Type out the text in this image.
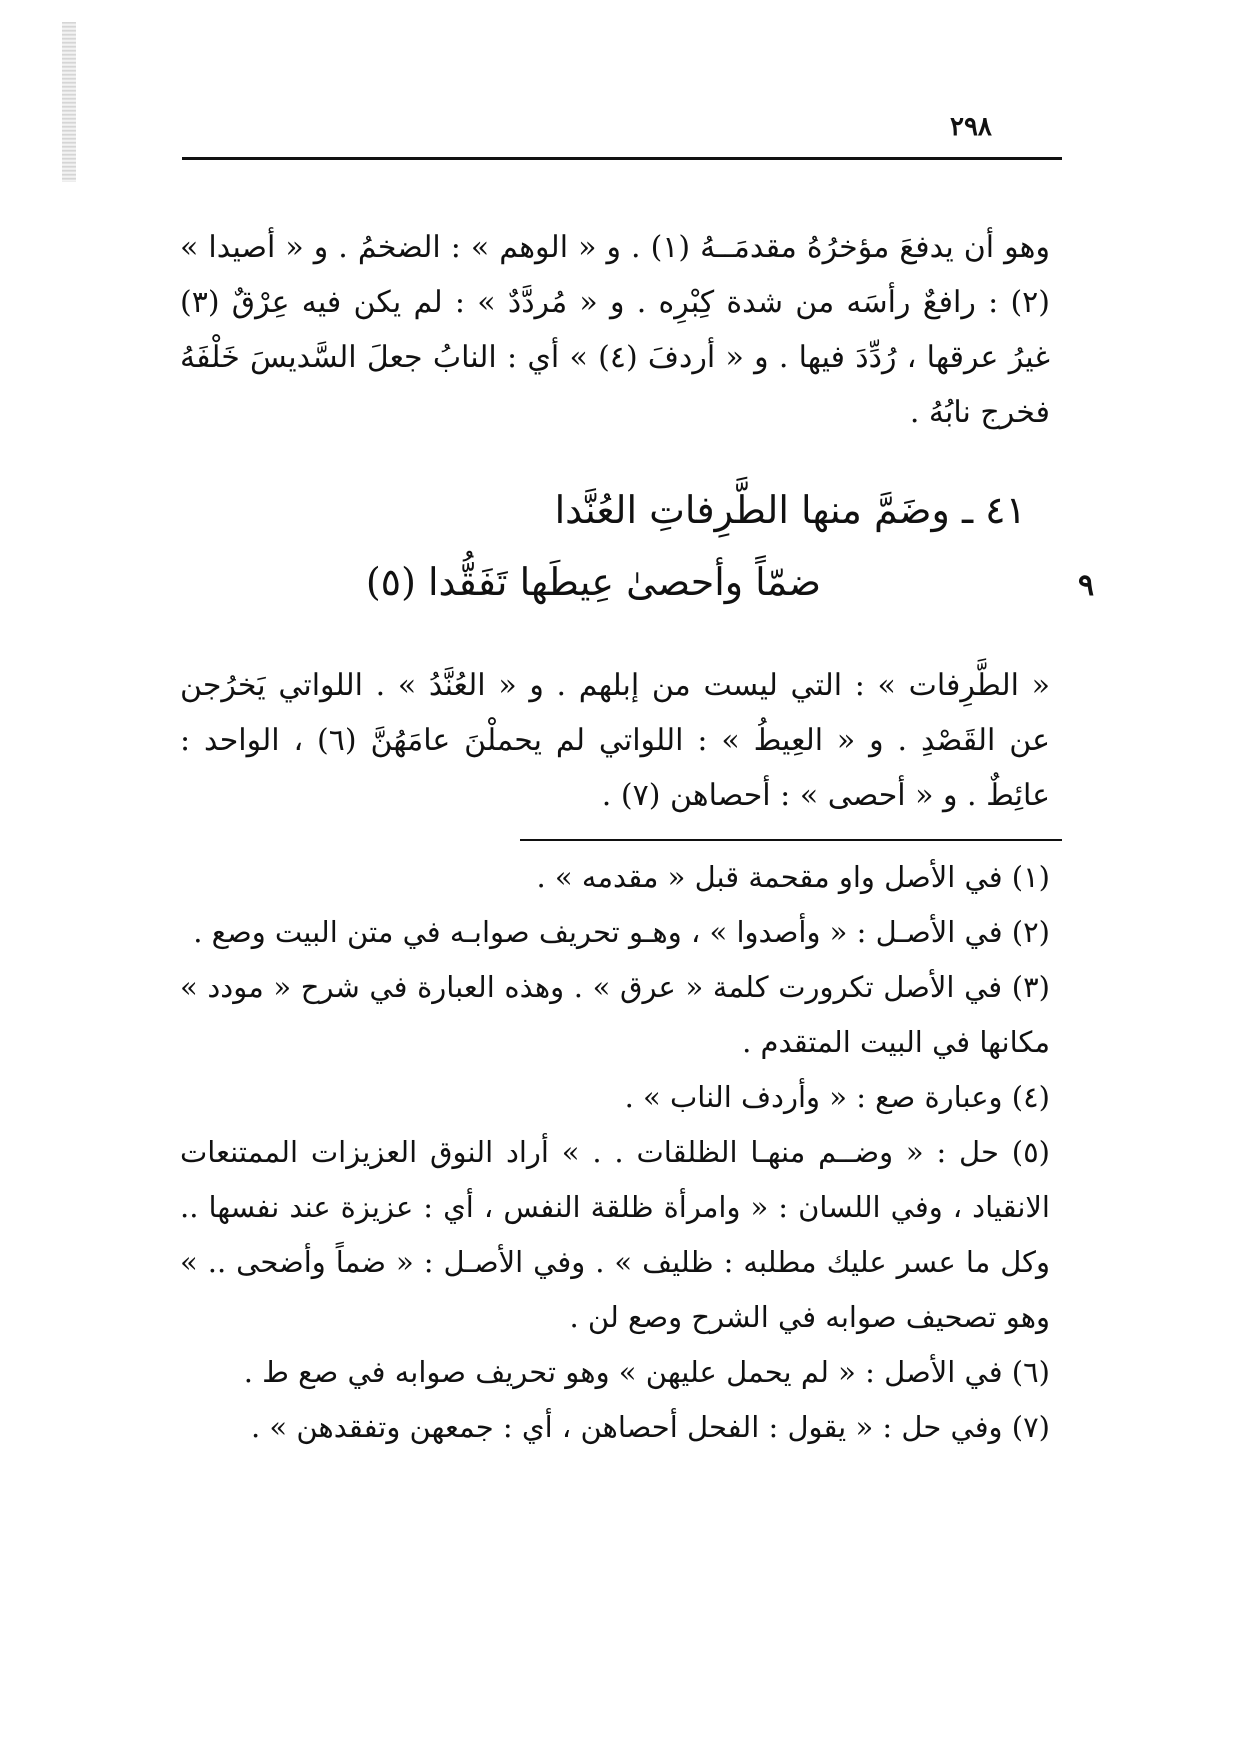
٢٩٨

وهو أن يدفعَ مؤخرُهُ مقدمَــهُ (١) . و « الوهم » : الضخمُ . و « أصيدا » (٢) : رافعٌ رأسَه من شدة كِبْرِه . و « مُردَّدٌ » : لم يكن فيه عِرْقٌ (٣) غيرُ عرقها ، رُدِّدَ فيها . و « أردفَ (٤) » أي : النابُ جعلَ السَّديسَ خَلْفَهُ فخرج نابُهُ .

٤١ ـ وضَمَّ منها الطَّرِفاتِ العُنَّدا
ضمّاً وأحصىٰ عِيطَها تَفَقُّدا (٥)	٩

« الطَّرِفات » : التي ليست من إبلهم . و « العُنَّدُ » . اللواتي يَخرُجن عن القَصْدِ . و « العِيطُ » : اللواتي لم يحملْنَ عامَهُنَّ (٦) ، الواحد : عائِطٌ . و « أحصى » : أحصاهن (٧) .

(١) في الأصل واو مقحمة قبل « مقدمه » .

(٢) في الأصـل : « وأصدوا » ، وهـو تحريف صوابـه في متن البيت وصع .

(٣) في الأصل تكرورت كلمة « عرق » . وهذه العبارة في شرح « مودد » مكانها في البيت المتقدم .

(٤) وعبارة صع : « وأردف الناب » .

(٥) حل : « وضــم منهـا الظلقات . . » أراد النوق العزيزات الممتنعات الانقياد ، وفي اللسان : « وامرأة ظلقة النفس ، أي : عزيزة عند نفسها .. وكل ما عسر عليك مطلبه : ظليف » . وفي الأصـل : « ضماً وأضحى .. » وهو تصحيف صوابه في الشرح وصع لن .

(٦) في الأصل : « لم يحمل عليهن » وهو تحريف صوابه في صع ط .

(٧) وفي حل : « يقول : الفحل أحصاهن ، أي : جمعهن وتفقدهن » .
